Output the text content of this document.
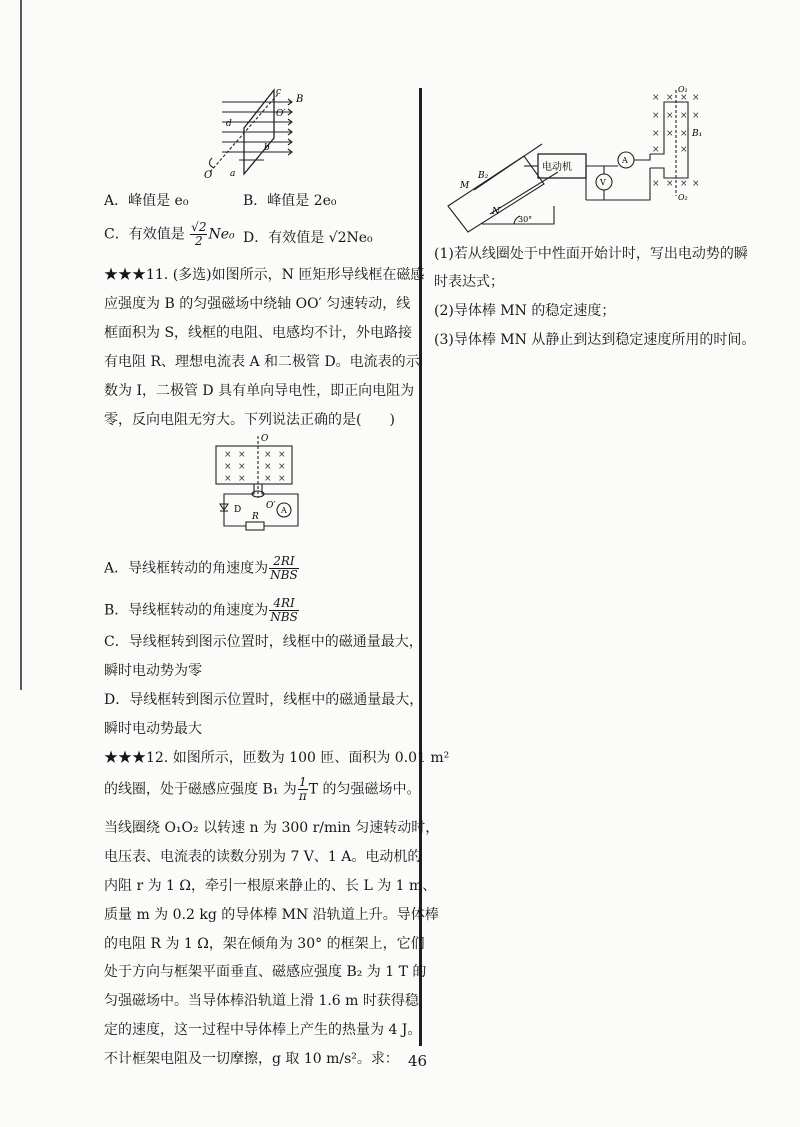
B
c
O′
d
b
O a
A．峰值是 e₀	B．峰值是 2e₀
C．有效值是 $\frac{√2}{2} Ne_0$ D．有效值是 √2Ne₀
★★★11. (多选)如图所示，N 匝矩形导线框在磁感
应强度为 B 的匀强磁场中绕轴 OO′ 匀速转动，线
框面积为 S，线框的电阻、电感均不计，外电路接
有电阻 R、理想电流表 A 和二极管 D。电流表的示
数为 I，二极管 D 具有单向导电性，即正向电阻为
零，反向电阻无穷大。下列说法正确的是(　　)
× × × ×
× × × ×
× × × ×
O
O′
D
R
A
A．导线框转动的角速度为 $\frac{2RI}{\text{NBS}}$
B．导线框转动的角速度为 $\frac{4RI}{\text{NBS}}$
C．导线框转到图示位置时，线框中的磁通量最大，
瞬时电动势为零
D．导线框转到图示位置时，线框中的磁通量最大，
瞬时电动势最大
★★★12. 如图所示，匝数为 100 匝、面积为 0.01 m²
的线圈，处于磁感应强度 B₁ 为 $\frac{1}{\pi}$ T 的匀强磁场中。
当线圈绕 O₁O₂ 以转速 n 为 300 r/min 匀速转动时，
电压表、电流表的读数分别为 7 V、1 A。电动机的
内阻 r 为 1 Ω，牵引一根原来静止的、长 L 为 1 m、
质量 m 为 0.2 kg 的导体棒 MN 沿轨道上升。导体棒
的电阻 R 为 1 Ω，架在倾角为 30° 的框架上，它们
处于方向与框架平面垂直、磁感应强度 B₂ 为 1 T 的
匀强磁场中。当导体棒沿轨道上滑 1.6 m 时获得稳
定的速度，这一过程中导体棒上产生的热量为 4 J。
不计框架电阻及一切摩擦，g 取 10 m/s²。求：
× × × ×
× × × ×
× × ×
× ×
× × × ×
电动机
A
V
B₁
B₂
O₁
O₂
M
N
30°
(1)若从线圈处于中性面开始计时，写出电动势的瞬
时表达式；
(2)导体棒 MN 的稳定速度；
(3)导体棒 MN 从静止到达到稳定速度所用的时间。
46
